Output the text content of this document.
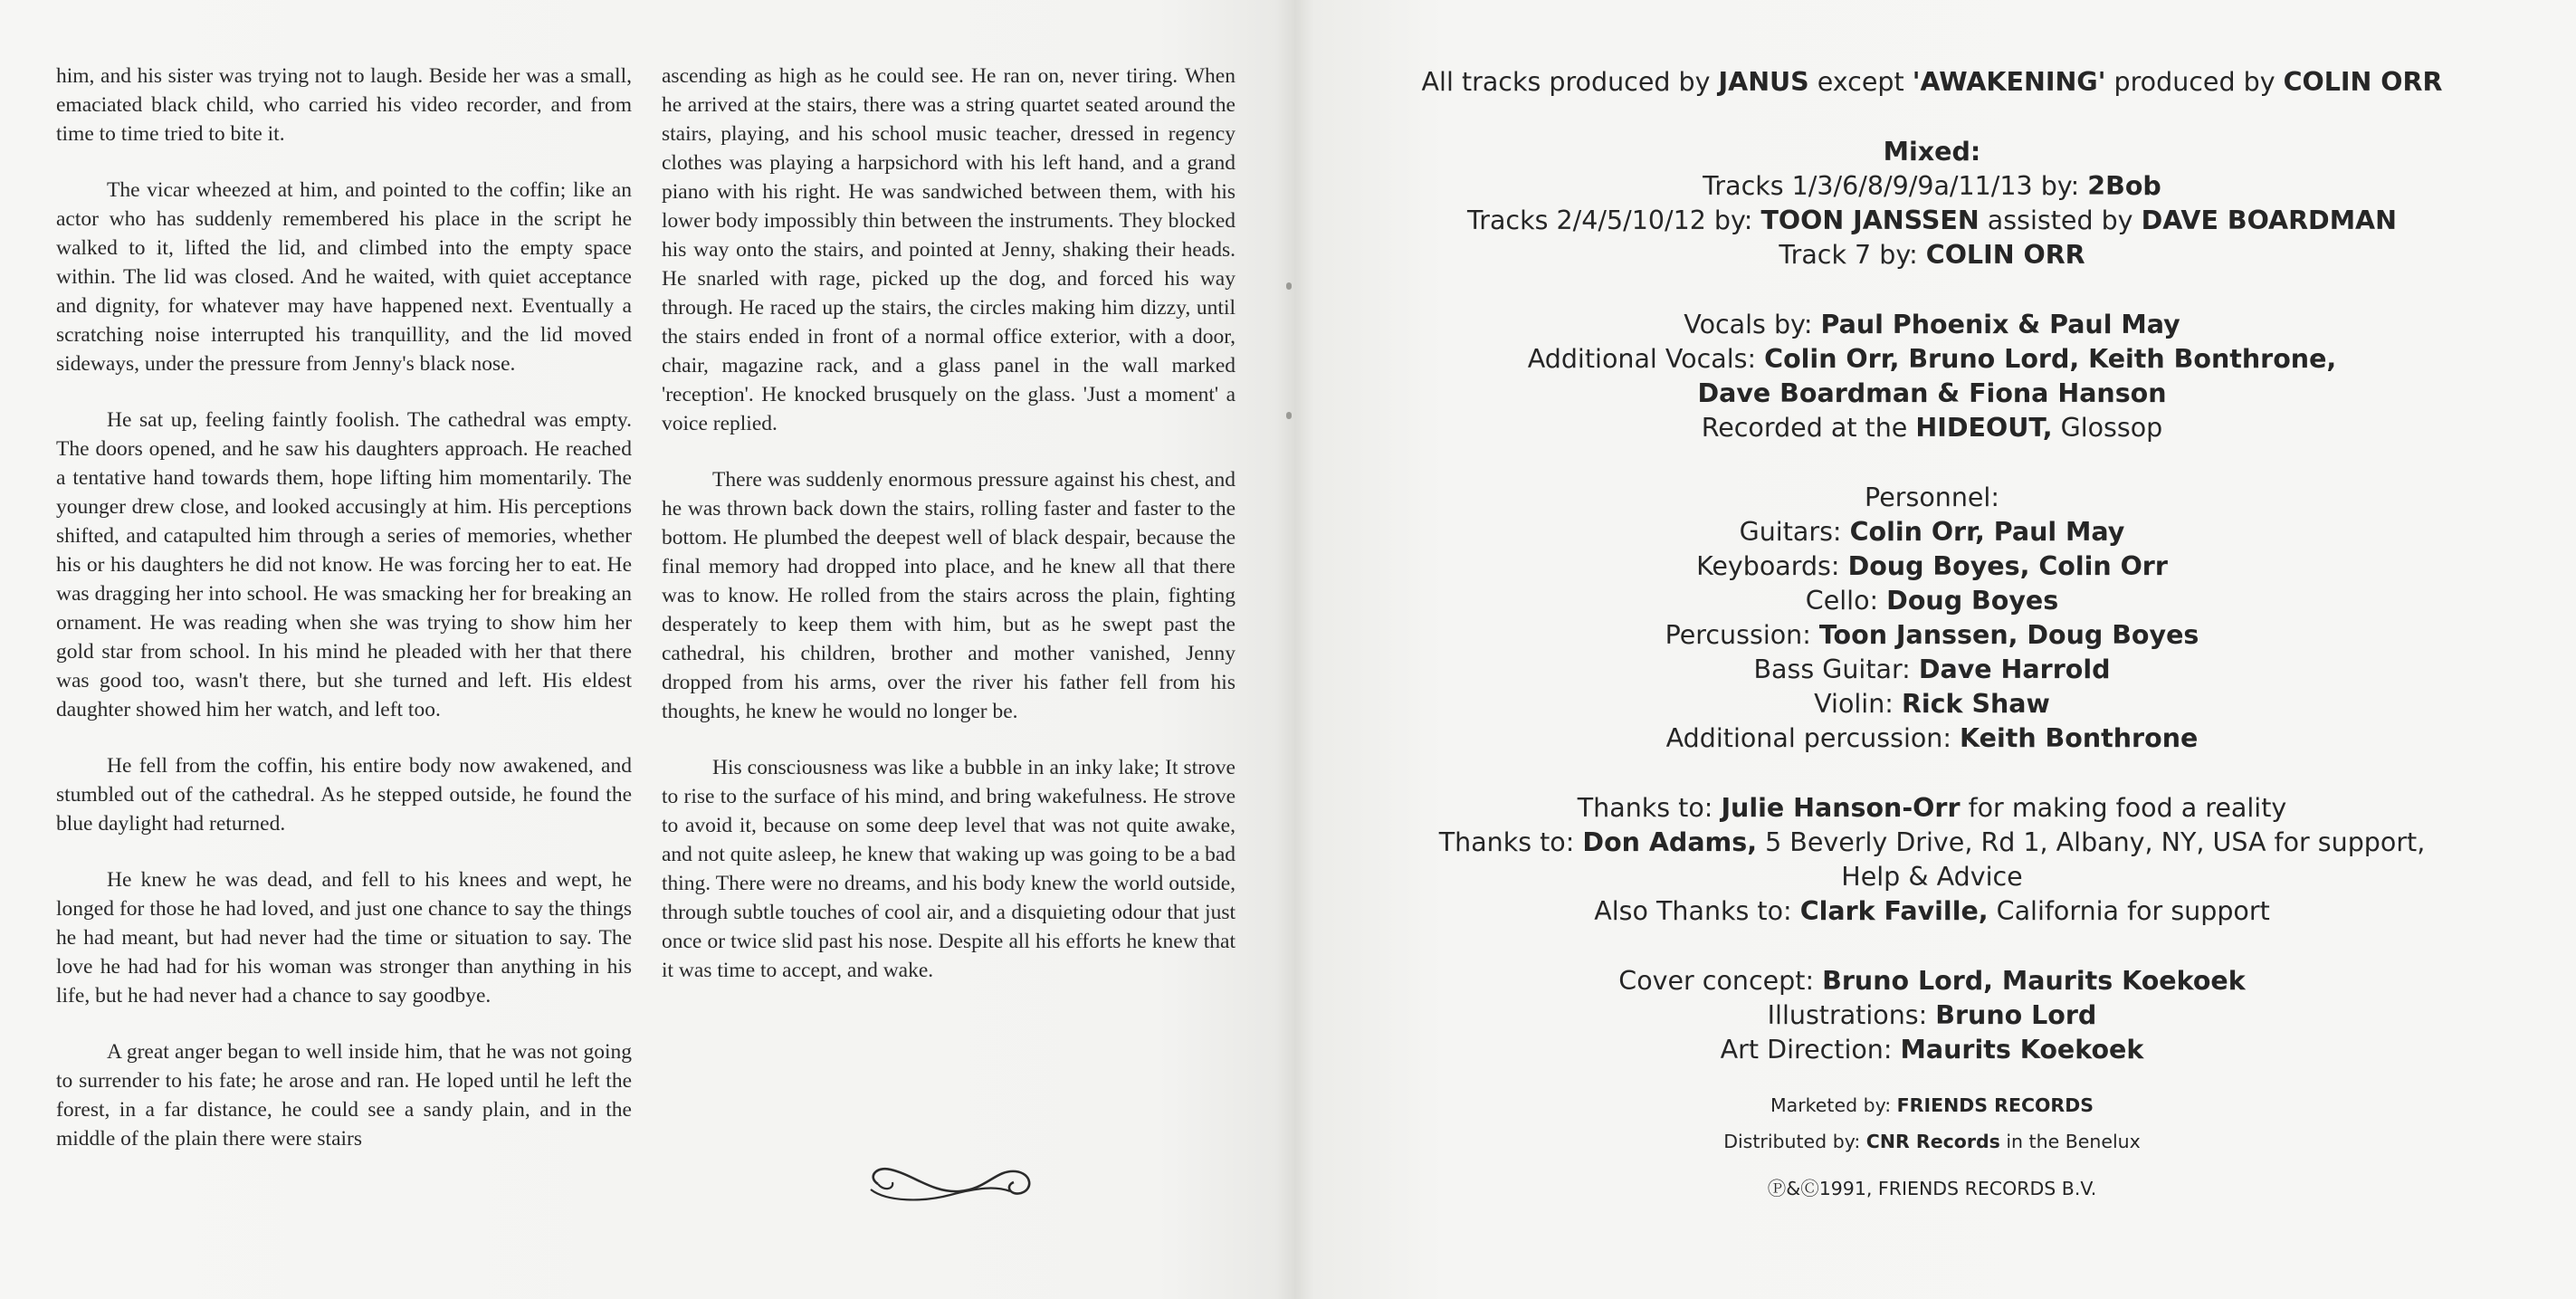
him, and his sister was trying not to laugh. Beside her was a small, emaciated black child, who carried his video recorder, and from time to time tried to bite it.

The vicar wheezed at him, and pointed to the coffin; like an actor who has suddenly remembered his place in the script he walked to it, lifted the lid, and climbed into the empty space within. The lid was closed. And he waited, with quiet acceptance and dignity, for whatever may have happened next. Eventually a scratching noise interrupted his tranquillity, and the lid moved sideways, under the pressure from Jenny's black nose.

He sat up, feeling faintly foolish. The cathedral was empty. The doors opened, and he saw his daughters approach. He reached a tentative hand towards them, hope lifting him momentarily. The younger drew close, and looked accusingly at him. His perceptions shifted, and catapulted him through a series of memories, whether his or his daughters he did not know. He was forcing her to eat. He was dragging her into school. He was smacking her for breaking an ornament. He was reading when she was trying to show him her gold star from school. In his mind he pleaded with her that there was good too, wasn't there, but she turned and left. His eldest daughter showed him her watch, and left too.

He fell from the coffin, his entire body now awakened, and stumbled out of the cathedral. As he stepped outside, he found the blue daylight had returned.

He knew he was dead, and fell to his knees and wept, he longed for those he had loved, and just one chance to say the things he had meant, but had never had the time or situation to say. The love he had had for his woman was stronger than anything in his life, but he had never had a chance to say goodbye.

A great anger began to well inside him, that he was not going to surrender to his fate; he arose and ran. He loped until he left the forest, in a far distance, he could see a sandy plain, and in the middle of the plain there were stairs

ascending as high as he could see. He ran on, never tiring. When he arrived at the stairs, there was a string quartet seated around the stairs, playing, and his school music teacher, dressed in regency clothes was playing a harpsichord with his left hand, and a grand piano with his right. He was sandwiched between them, with his lower body impossibly thin between the instruments. They blocked his way onto the stairs, and pointed at Jenny, shaking their heads. He snarled with rage, picked up the dog, and forced his way through. He raced up the stairs, the circles making him dizzy, until the stairs ended in front of a normal office exterior, with a door, chair, magazine rack, and a glass panel in the wall marked 'reception'. He knocked brusquely on the glass. 'Just a moment' a voice replied.

There was suddenly enormous pressure against his chest, and he was thrown back down the stairs, rolling faster and faster to the bottom. He plumbed the deepest well of black despair, because the final memory had dropped into place, and he knew all that there was to know. He rolled from the stairs across the plain, fighting desperately to keep them with him, but as he swept past the cathedral, his children, brother and mother vanished, Jenny dropped from his arms, over the river his father fell from his thoughts, he knew he would no longer be.

His consciousness was like a bubble in an inky lake; It strove to rise to the surface of his mind, and bring wakefulness. He strove to avoid it, because on some deep level that was not quite awake, and not quite asleep, he knew that waking up was going to be a bad thing. There were no dreams, and his body knew the world outside, through subtle touches of cool air, and a disquieting odour that just once or twice slid past his nose. Despite all his efforts he knew that it was time to accept, and wake.

All tracks produced by JANUS except 'AWAKENING' produced by COLIN ORR
Mixed:
Tracks 1/3/6/8/9/9a/11/13 by: 2Bob
Tracks 2/4/5/10/12 by: TOON JANSSEN assisted by DAVE BOARDMAN
Track 7 by: COLIN ORR
Vocals by: Paul Phoenix & Paul May
Additional Vocals: Colin Orr, Bruno Lord, Keith Bonthrone,
Dave Boardman & Fiona Hanson
Recorded at the HIDEOUT, Glossop
Personnel:
Guitars: Colin Orr, Paul May
Keyboards: Doug Boyes, Colin Orr
Cello: Doug Boyes
Percussion: Toon Janssen, Doug Boyes
Bass Guitar: Dave Harrold
Violin: Rick Shaw
Additional percussion: Keith Bonthrone
Thanks to: Julie Hanson-Orr for making food a reality
Thanks to: Don Adams, 5 Beverly Drive, Rd 1, Albany, NY, USA for support,
Help & Advice
Also Thanks to: Clark Faville, California for support
Cover concept: Bruno Lord, Maurits Koekoek
Illustrations: Bruno Lord
Art Direction: Maurits Koekoek
Marketed by: FRIENDS RECORDS
Distributed by: CNR Records in the Benelux
Ⓟ&Ⓒ1991, FRIENDS RECORDS B.V.
